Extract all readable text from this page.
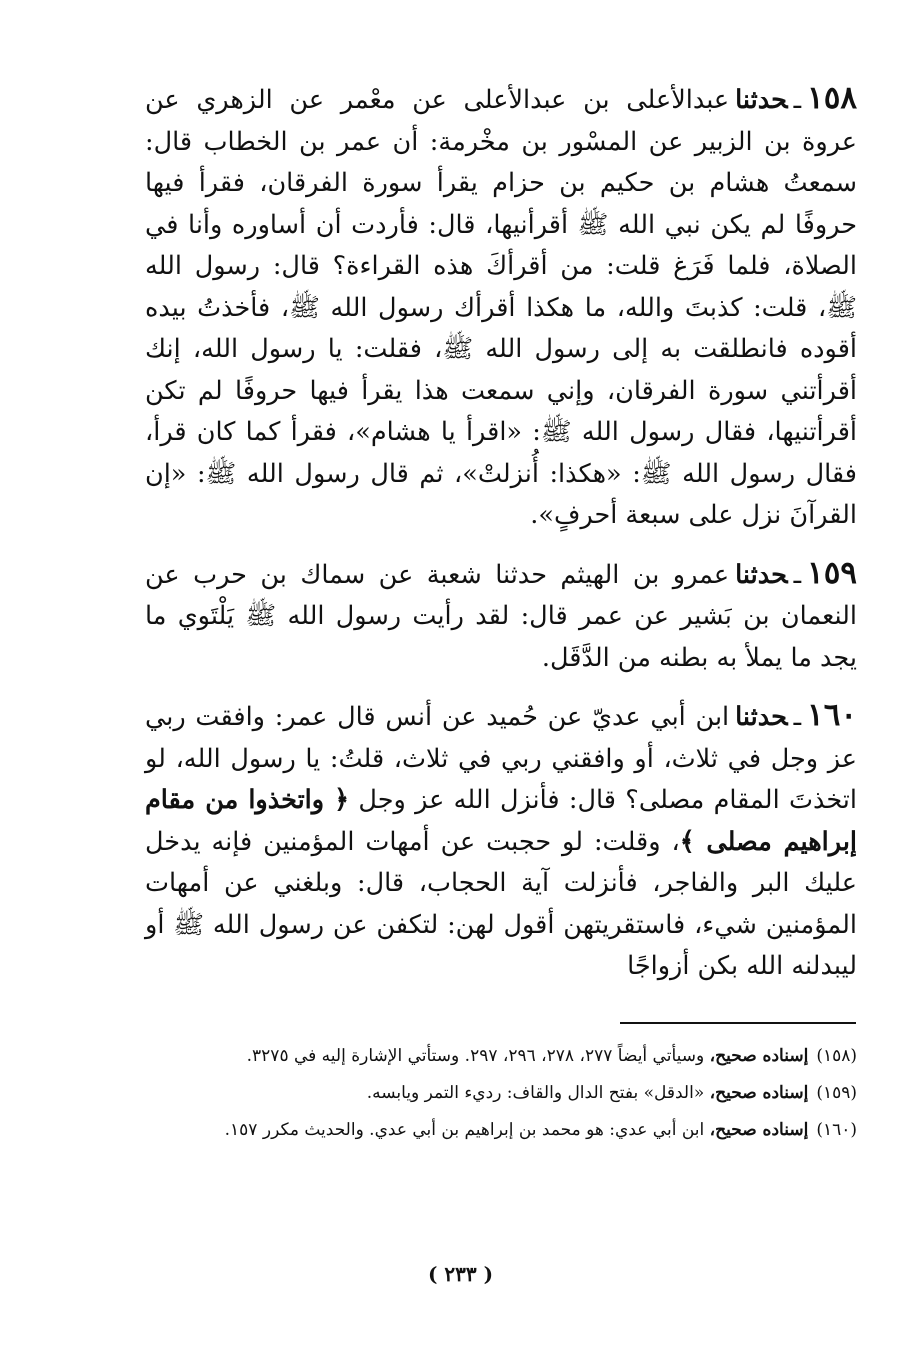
١٥٨ـحدثناعبدالأعلى بن عبدالأعلى عن معْمر عن الزهري عن عروة بن الزبير عن المسْور بن مخْرمة: أن عمر بن الخطاب قال: سمعتُ هشام بن حكيم بن حزام يقرأ سورة الفرقان، فقرأ فيها حروفًا لم يكن نبي الله ﷺ أقرأنيها، قال: فأردت أن أساوره وأنا في الصلاة، فلما فَرَغ قلت: من أقرأكَ هذه القراءة؟ قال: رسول الله ﷺ، قلت: كذبتَ والله، ما هكذا أقرأك رسول الله ﷺ، فأخذتُ بيده أقوده فانطلقت به إلى رسول الله ﷺ، فقلت: يا رسول الله، إنك أقرأتني سورة الفرقان، وإني سمعت هذا يقرأ فيها حروفًا لم تكن أقرأتنيها، فقال رسول الله ﷺ: «اقرأ يا هشام»، فقرأ كما كان قرأ، فقال رسول الله ﷺ: «هكذا: أُنزلتْ»، ثم قال رسول الله ﷺ: «إن القرآنَ نزل على سبعة أحرفٍ».

١٥٩ـحدثناعمرو بن الهيثم حدثنا شعبة عن سماك بن حرب عن النعمان بن بَشير عن عمر قال: لقد رأيت رسول الله ﷺ يَلْتَوي ما يجد ما يملأ به بطنه من الدَّقَل.

١٦٠ـحدثناابن أبي عديّ عن حُميد عن أنس قال عمر: وافقت ربي عز وجل في ثلاث، أو وافقني ربي في ثلاث، قلتُ: يا رسول الله، لو اتخذتَ المقام مصلى؟ قال: فأنزل الله عز وجل ﴿ واتخذوا من مقام إبراهيم مصلى ﴾، وقلت: لو حجبت عن أمهات المؤمنين فإنه يدخل عليك البر والفاجر، فأنزلت آية الحجاب، قال: وبلغني عن أمهات المؤمنين شيء، فاستقريتهن أقول لهن: لتكفن عن رسول الله ﷺ أو ليبدلنه الله بكن أزواجًا

(١٥٨)إسناده صحيح، وسيأتي أيضاً ٢٧٧، ٢٧٨، ٢٩٦، ٢٩٧. وستأتي الإشارة إليه في ٣٢٧٥.

(١٥٩)إسناده صحيح، «الدقل» بفتح الدال والقاف: رديء التمر ويابسه.

(١٦٠)إسناده صحيح، ابن أبي عدي: هو محمد بن إبراهيم بن أبي عدي. والحديث مكرر ١٥٧.

( ٢٣٣ )
